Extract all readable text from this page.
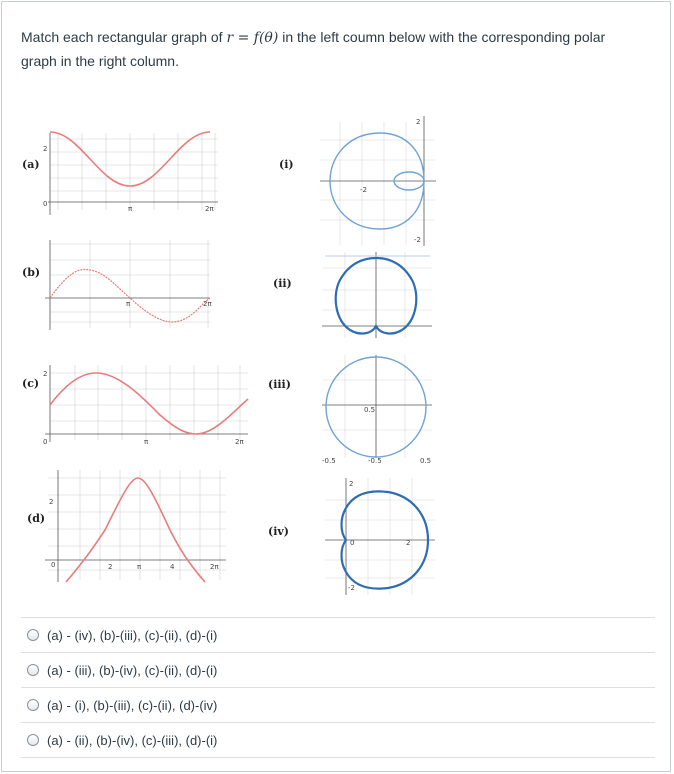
Match each rectangular graph of r = f(θ) in the left coumn below with the corresponding polar graph in the right column.
(a)
(b)
(c)
(d)
(i)
(ii)
(iii)
(iv)
2
0
π	2π
π	2π
2
0	π	2π
2
0	2	π	4	2π
-2
2
-2
0.5
-0.5	-0.5	0.5
2
0	2
-2
(a) - (iv), (b)-(iii), (c)-(ii), (d)-(i)
(a) - (iii), (b)-(iv), (c)-(ii), (d)-(i)
(a) - (i), (b)-(iii), (c)-(ii), (d)-(iv)
(a) - (ii), (b)-(iv), (c)-(iii), (d)-(i)
